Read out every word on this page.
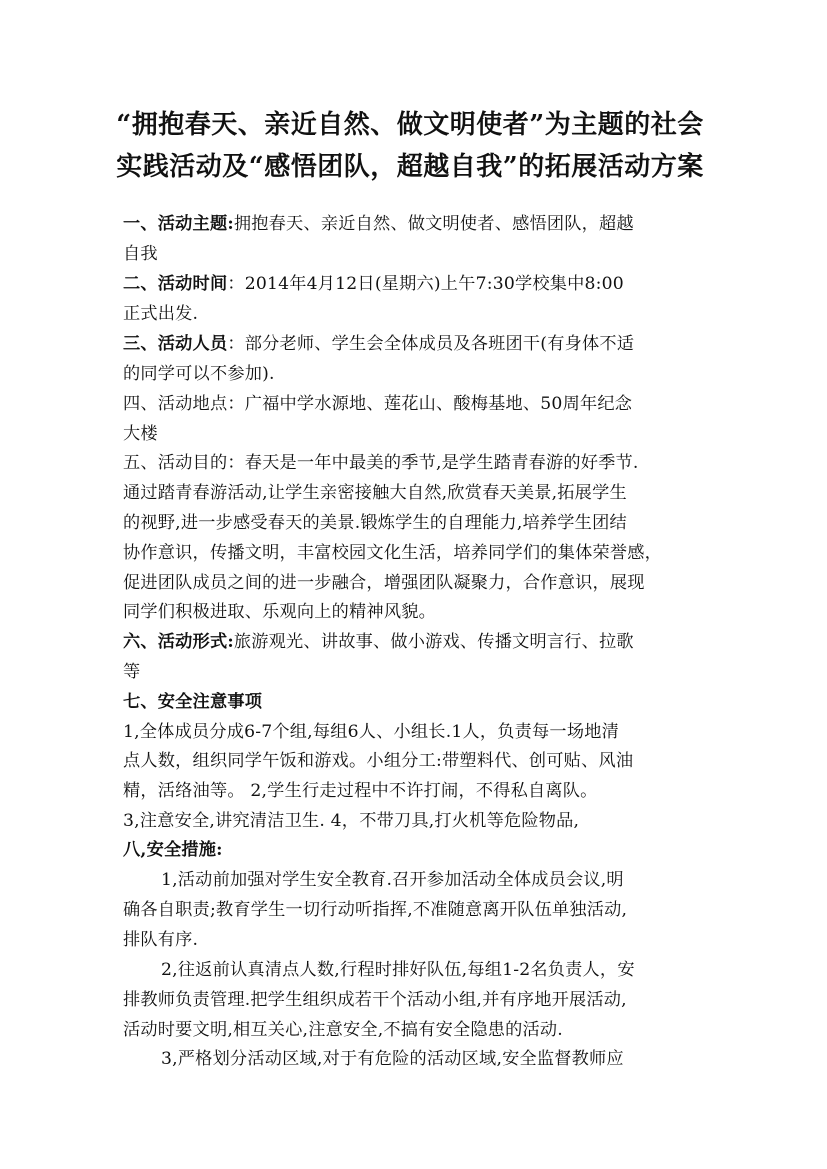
“拥抱春天、亲近自然、做文明使者”为主题的社会
实践活动及“感悟团队，超越自我”的拓展活动方案
一、活动主题:拥抱春天、亲近自然、做文明使者、感悟团队，超越
自我
二、活动时间：2014年4月12日(星期六)上午7:30学校集中8:00
正式出发.
三、活动人员：部分老师、学生会全体成员及各班团干(有身体不适
的同学可以不参加).
四、活动地点：广福中学水源地、莲花山、酸梅基地、50周年纪念
大楼
五、活动目的：春天是一年中最美的季节,是学生踏青春游的好季节.
通过踏青春游活动,让学生亲密接触大自然,欣赏春天美景,拓展学生
的视野,进一步感受春天的美景.锻炼学生的自理能力,培养学生团结
协作意识，传播文明，丰富校园文化生活，培养同学们的集体荣誉感，
促进团队成员之间的进一步融合，增强团队凝聚力，合作意识，展现
同学们积极进取、乐观向上的精神风貌。
六、活动形式:旅游观光、讲故事、做小游戏、传播文明言行、拉歌
等
七、安全注意事项
1,全体成员分成6-7个组,每组6人、小组长.1人，负责每一场地清
点人数，组织同学午饭和游戏。小组分工:带塑料代、创可贴、风油
精，活络油等。 2,学生行走过程中不许打闹，不得私自离队。
3,注意安全,讲究清洁卫生. 4，不带刀具,打火机等危险物品,
八,安全措施:
1,活动前加强对学生安全教育.召开参加活动全体成员会议,明
确各自职责;教育学生一切行动听指挥,不准随意离开队伍单独活动,
排队有序.
2,往返前认真清点人数,行程时排好队伍,每组1-2名负责人，安
排教师负责管理.把学生组织成若干个活动小组,并有序地开展活动,
活动时要文明,相互关心,注意安全,不搞有安全隐患的活动.
3,严格划分活动区域,对于有危险的活动区域,安全监督教师应
